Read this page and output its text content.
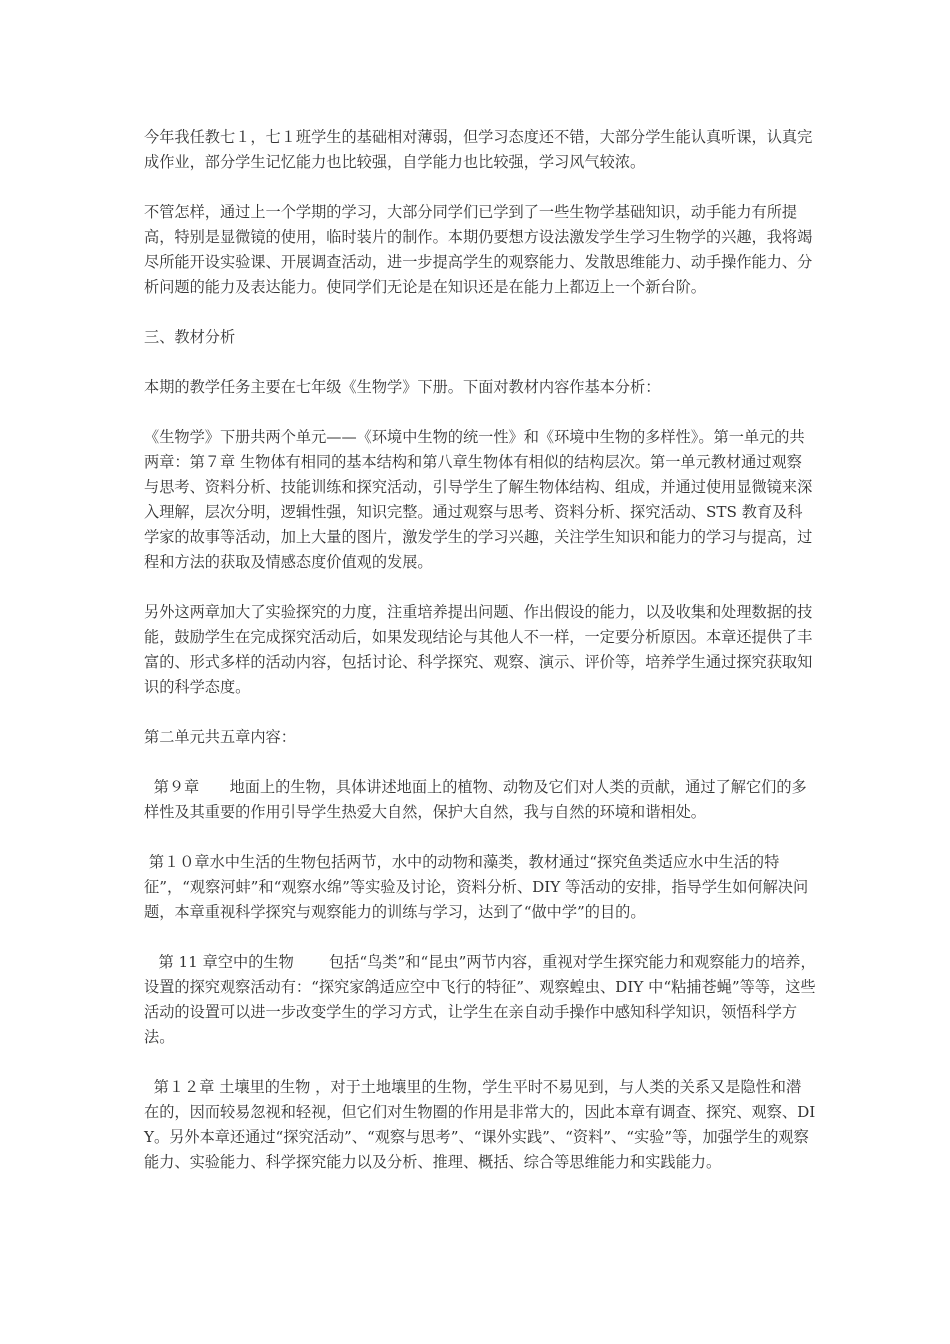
今年我任教七１，七１班学生的基础相对薄弱，但学习态度还不错，大部分学生能认真听课，认真完成作业，部分学生记忆能力也比较强，自学能力也比较强，学习风气较浓。

不管怎样，通过上一个学期的学习，大部分同学们已学到了一些生物学基础知识，动手能力有所提高，特别是显微镜的使用，临时装片的制作。本期仍要想方设法激发学生学习生物学的兴趣，我将竭尽所能开设实验课、开展调查活动，进一步提高学生的观察能力、发散思维能力、动手操作能力、分析问题的能力及表达能力。使同学们无论是在知识还是在能力上都迈上一个新台阶。

三、教材分析

本期的教学任务主要在七年级《生物学》下册。下面对教材内容作基本分析：

《生物学》下册共两个单元——《环境中生物的统一性》和《环境中生物的多样性》。第一单元的共两章：第７章 生物体有相同的基本结构和第八章生物体有相似的结构层次。第一单元教材通过观察与思考、资料分析、技能训练和探究活动，引导学生了解生物体结构、组成，并通过使用显微镜来深入理解，层次分明，逻辑性强，知识完整。通过观察与思考、资料分析、探究活动、STS 教育及科学家的故事等活动，加上大量的图片，激发学生的学习兴趣，关注学生知识和能力的学习与提高，过程和方法的获取及情感态度价值观的发展。

另外这两章加大了实验探究的力度，注重培养提出问题、作出假设的能力，以及收集和处理数据的技能，鼓励学生在完成探究活动后，如果发现结论与其他人不一样，一定要分析原因。本章还提供了丰富的、形式多样的活动内容，包括讨论、科学探究、观察、演示、评价等，培养学生通过探究获取知识的科学态度。

第二单元共五章内容：

第９章　　地面上的生物，具体讲述地面上的植物、动物及它们对人类的贡献，通过了解它们的多样性及其重要的作用引导学生热爱大自然，保护大自然，我与自然的环境和谐相处。

第１０章水中生活的生物包括两节，水中的动物和藻类，教材通过“探究鱼类适应水中生活的特征”，“观察河蚌”和“观察水绵”等实验及讨论，资料分析、DIY 等活动的安排，指导学生如何解决问题，本章重视科学探究与观察能力的训练与学习，达到了“做中学”的目的。

第 11 章空中的生物　　 包括“鸟类”和“昆虫”两节内容，重视对学生探究能力和观察能力的培养，设置的探究观察活动有：“探究家鸽适应空中飞行的特征”、观察蝗虫、DIY 中“粘捕苍蝇”等等，这些活动的设置可以进一步改变学生的学习方式，让学生在亲自动手操作中感知科学知识，领悟科学方法。

第１２章 土壤里的生物 ，对于土地壤里的生物，学生平时不易见到，与人类的关系又是隐性和潜在的，因而较易忽视和轻视，但它们对生物圈的作用是非常大的，因此本章有调查、探究、观察、DIY。另外本章还通过“探究活动”、“观察与思考”、“课外实践”、“资料”、“实验”等，加强学生的观察能力、实验能力、科学探究能力以及分析、推理、概括、综合等思维能力和实践能力。
